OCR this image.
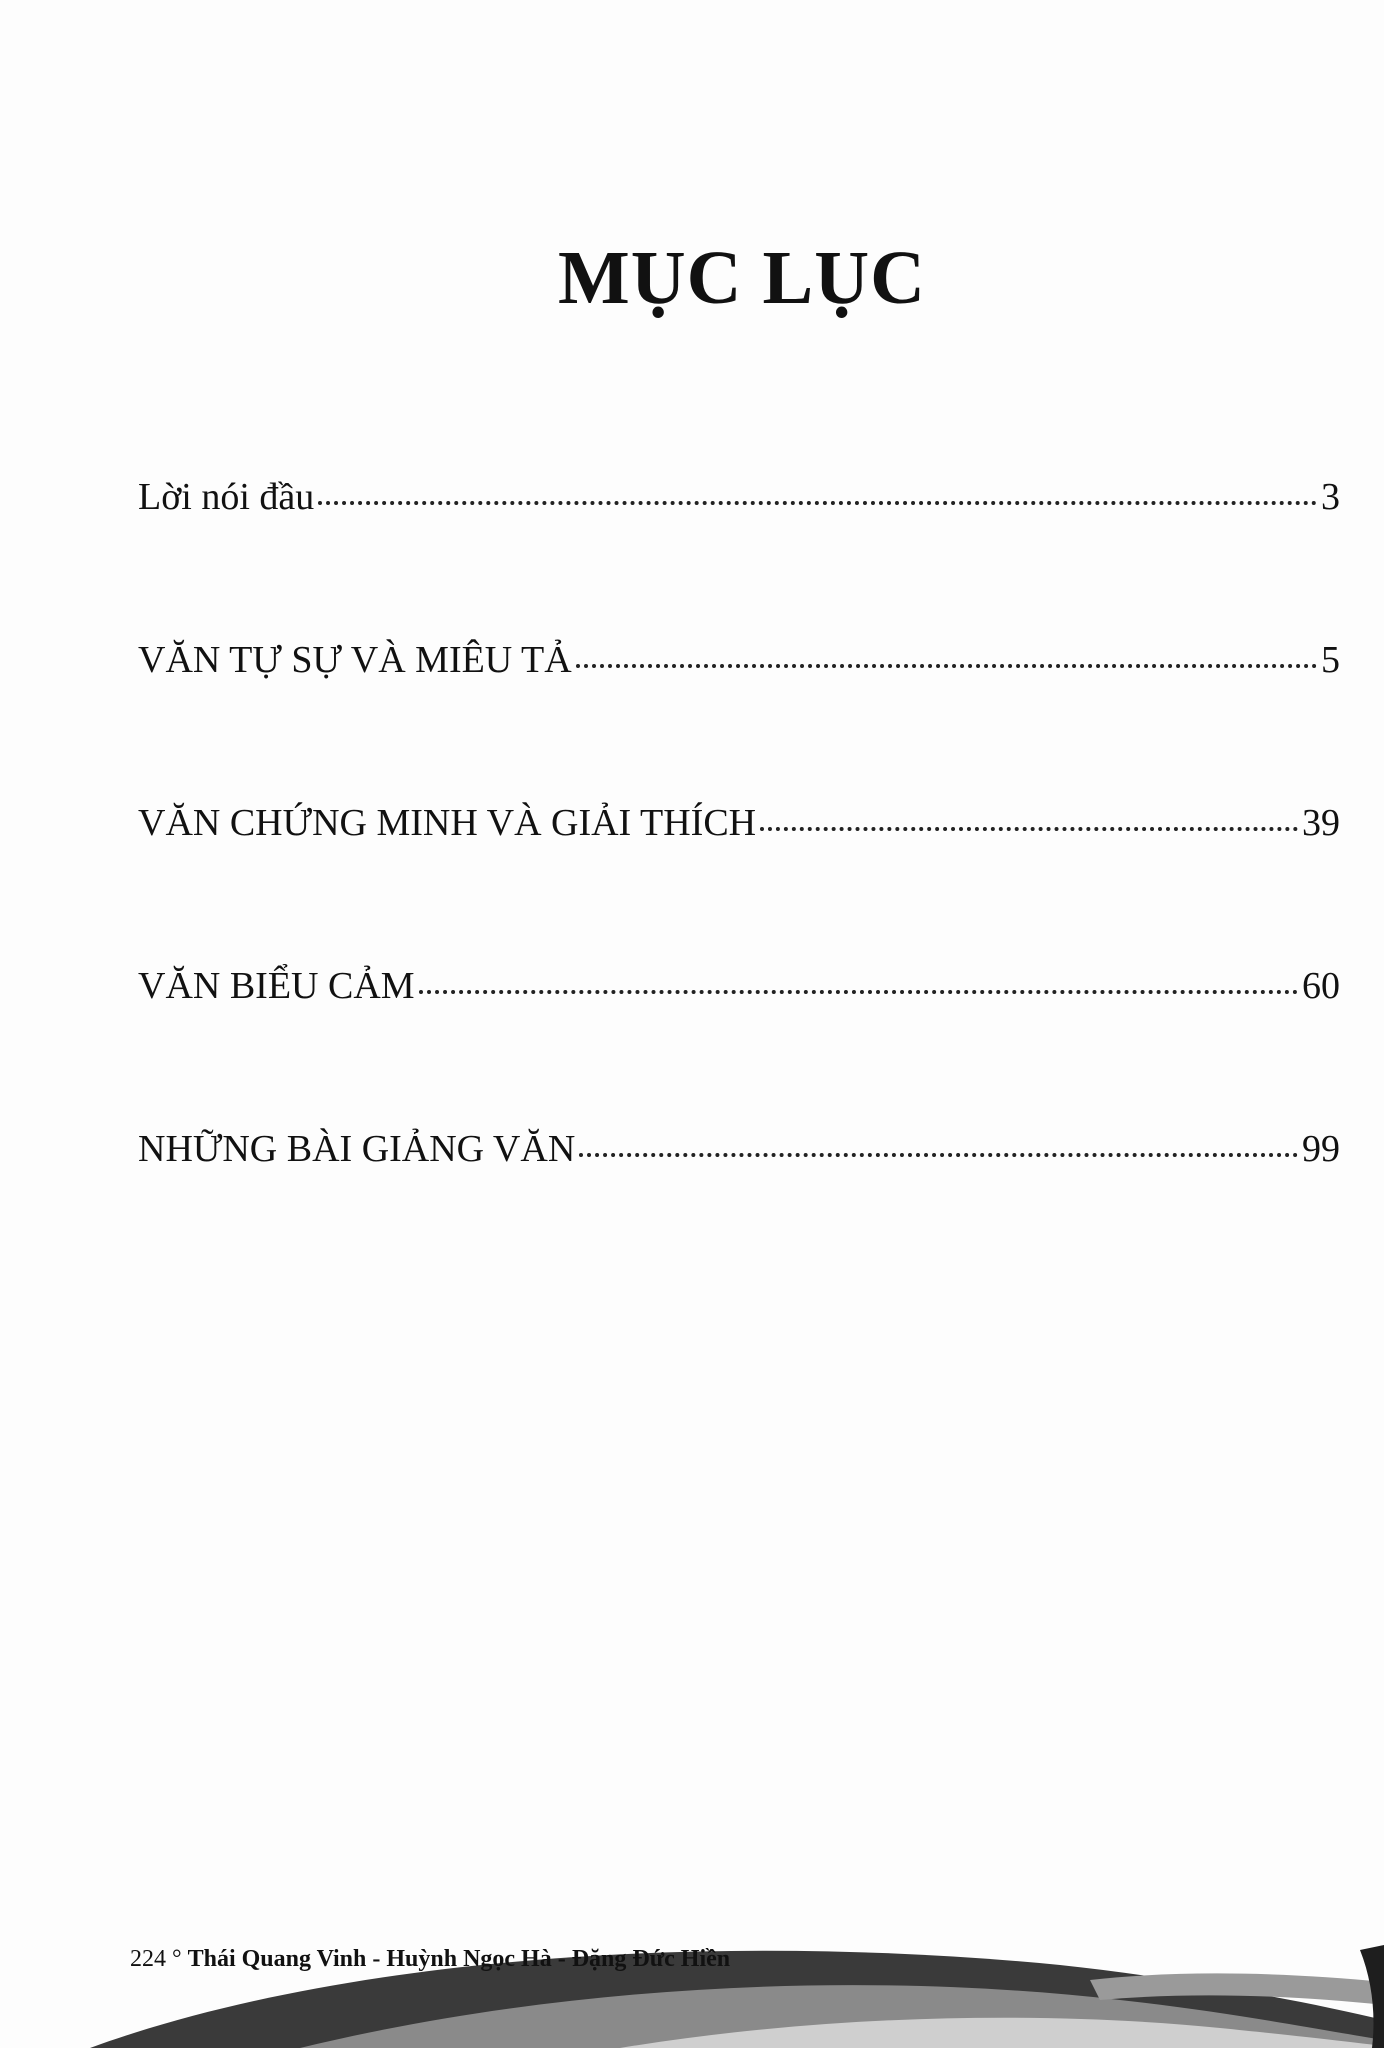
MỤC LỤC
Lời nói đầu	3
VĂN TỰ SỰ VÀ MIÊU TẢ	5
VĂN CHỨNG MINH VÀ GIẢI THÍCH	39
VĂN BIỂU CẢM	60
NHỮNG BÀI GIẢNG VĂN	99
224 ° Thái Quang Vinh - Huỳnh Ngọc Hà - Đặng Đức Hiền
